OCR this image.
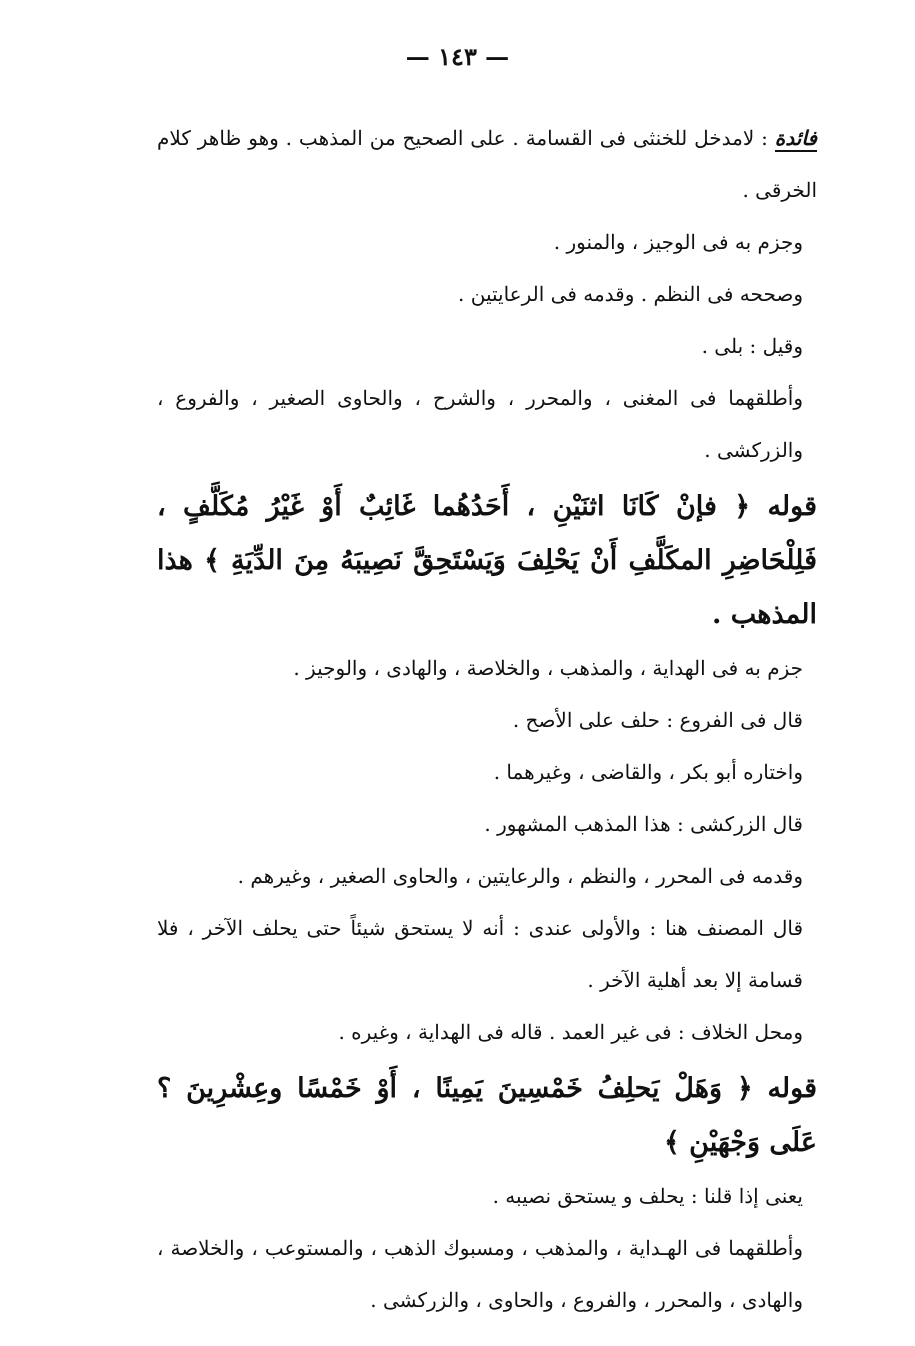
— ١٤٣ —

فائدة : لامدخل للخنثى فى القسامة . على الصحيح من المذهب . وهو ظاهر كلام الخرقى .

وجزم به فى الوجيز ، والمنور .

وصححه فى النظم . وقدمه فى الرعايتين .

وقيل : بلى .

وأطلقهما فى المغنى ، والمحرر ، والشرح ، والحاوى الصغير ، والفروع ، والزركشى .

قوله ﴿ فإنْ كَانَا اثنَيْنِ ، أَحَدُهُما غَائِبٌ أَوْ غَيْرُ مُكَلَّفٍ ، فَلِلْحَاضِرِ المكَلَّفِ أَنْ يَحْلِفَ وَيَسْتَحِقَّ نَصِيبَهُ مِنَ الدِّيَةِ ﴾ هذا المذهب .

جزم به فى الهداية ، والمذهب ، والخلاصة ، والهادى ، والوجيز .

قال فى الفروع : حلف على الأصح .

واختاره أبو بكر ، والقاضى ، وغيرهما .

قال الزركشى : هذا المذهب المشهور .

وقدمه فى المحرر ، والنظم ، والرعايتين ، والحاوى الصغير ، وغيرهم .

قال المصنف هنا : والأولى عندى : أنه لا يستحق شيئاً حتى يحلف الآخر ، فلا قسامة إلا بعد أهلية الآخر .

ومحل الخلاف : فى غير العمد . قاله فى الهداية ، وغيره .

قوله ﴿ وَهَلْ يَحلِفُ خَمْسِينَ يَمِينًا ، أَوْ خَمْسًا وعِشْرِينَ ؟ عَلَى وَجْهَيْنِ ﴾

يعنى إذا قلنا : يحلف و يستحق نصيبه .

وأطلقهما فى الهـداية ، والمذهب ، ومسبوك الذهب ، والمستوعب ، والخلاصة ، والهادى ، والمحرر ، والفروع ، والحاوى ، والزركشى .
